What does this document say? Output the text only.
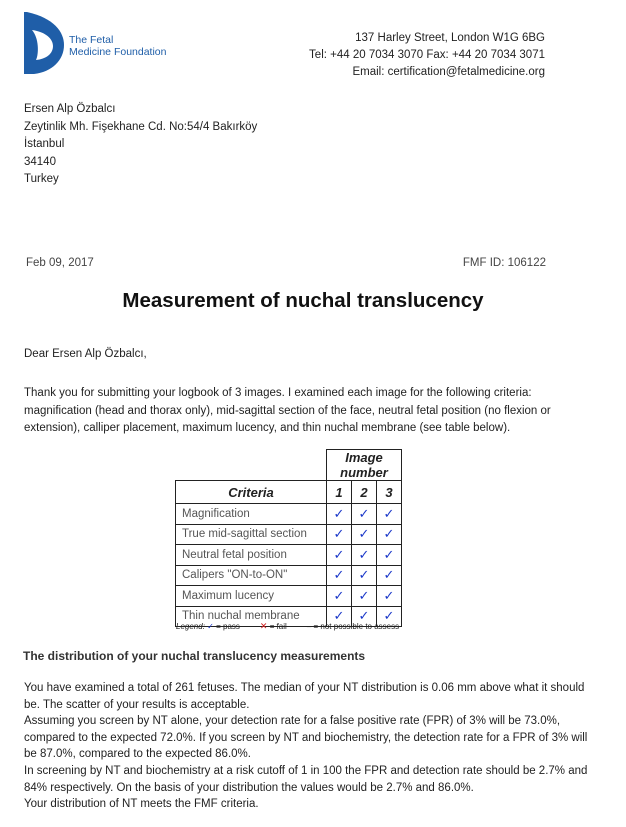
The Fetal
Medicine Foundation
137 Harley Street, London W1G 6BG
Tel: +44 20 7034 3070 Fax: +44 20 7034 3071
Email: certification@fetalmedicine.org
Ersen Alp Özbalcı
Zeytinlik Mh. Fişekhane Cd. No:54/4 Bakırköy
İstanbul
34140
Turkey
Feb 09, 2017	FMF ID: 106122
Measurement of nuchal translucency
Dear Ersen Alp Özbalcı,
Thank you for submitting your logbook of 3 images. I examined each image for the following criteria: magnification (head and thorax only), mid-sagittal section of the face, neutral fetal position (no flexion or extension), calliper placement, maximum lucency, and thin nuchal membrane (see table below).
	Image number		
Criteria	1	2	3
Magnification	✓	✓	✓
True mid-sagittal section	✓	✓	✓
Neutral fetal position	✓	✓	✓
Calipers "ON-to-ON"	✓	✓	✓
Maximum lucency	✓	✓	✓
Thin nuchal membrane	✓	✓	✓
Legend: ✓ = pass ✕ = fail	– = not possible to assess
The distribution of your nuchal translucency measurements

You have examined a total of 261 fetuses. The median of your NT distribution is 0.06 mm above what it should be. The scatter of your results is acceptable.

Assuming you screen by NT alone, your detection rate for a false positive rate (FPR) of 3% will be 73.0%, compared to the expected 72.0%. If you screen by NT and biochemistry, the detection rate for a FPR of 3% will be 87.0%, compared to the expected 86.0%.

In screening by NT and biochemistry at a risk cutoff of 1 in 100 the FPR and detection rate should be 2.7% and 84% respectively. On the basis of your distribution the values would be 2.7% and 86.0%.

Your distribution of NT meets the FMF criteria.
